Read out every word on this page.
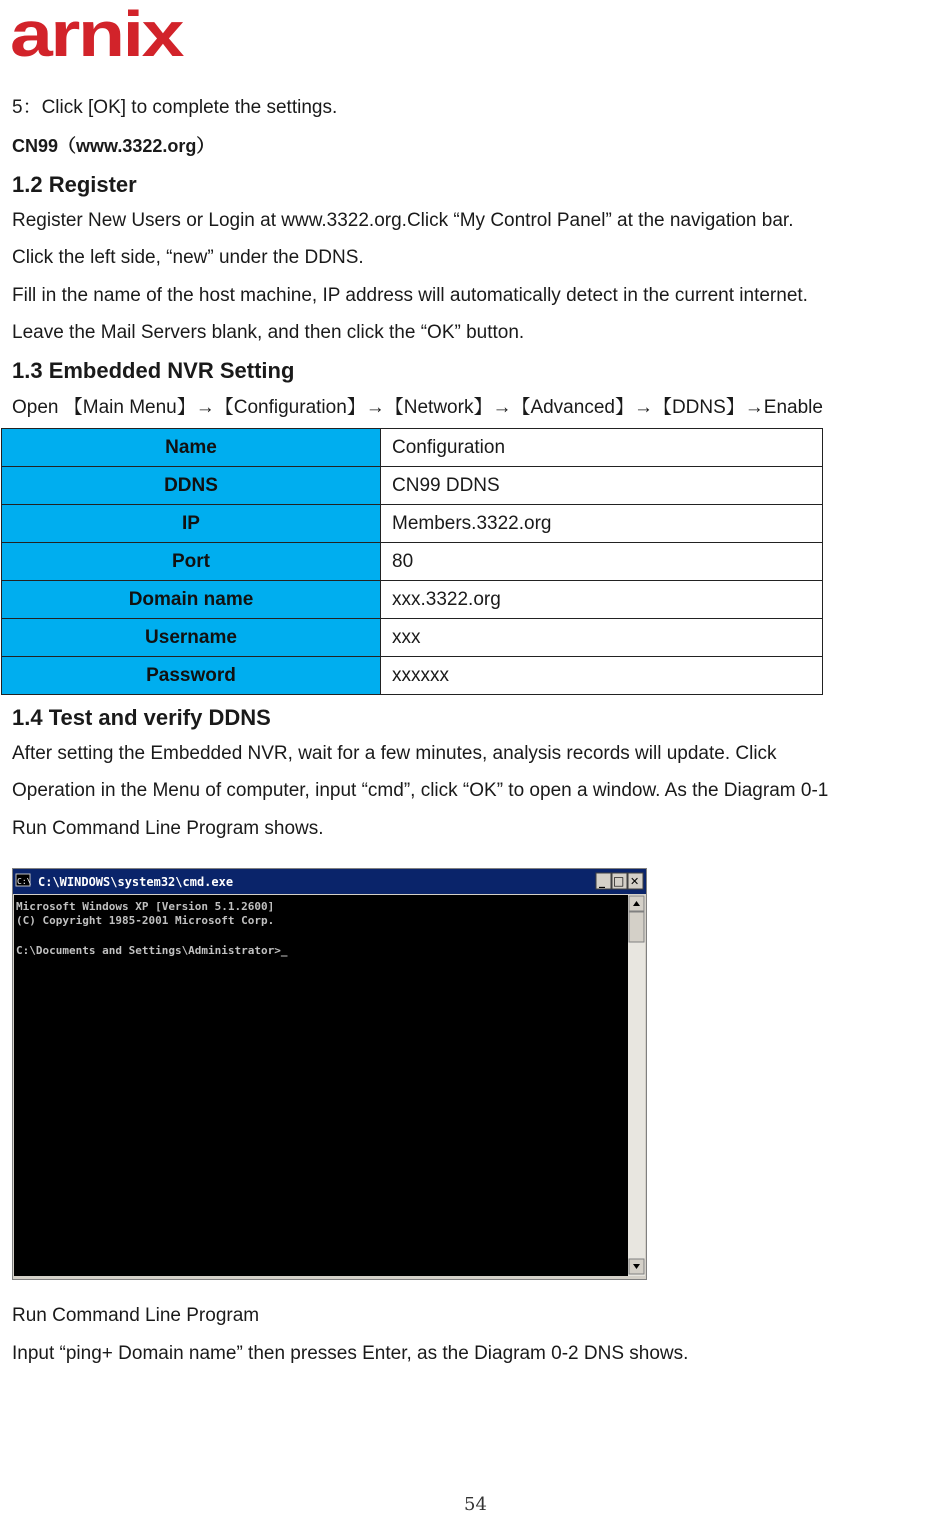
arnix
5：Click [OK] to complete the settings.
CN99（www.3322.org）
1.2 Register
Register New Users or Login at www.3322.org.Click “My Control Panel” at the navigation bar.
Click the left side, “new” under the DDNS.
Fill in the name of the host machine, IP address will automatically detect in the current internet.
Leave the Mail Servers blank, and then click the “OK” button.
1.3 Embedded NVR Setting
Open 【Main Menu】→【Configuration】→【Network】→【Advanced】→【DDNS】→Enable
Name	Configuration
DDNS	CN99 DDNS
IP	Members.3322.org
Port	80
Domain name	xxx.3322.org
Username	xxx
Password	xxxxxx
1.4 Test and verify DDNS
After setting the Embedded NVR, wait for a few minutes, analysis records will update. Click
Operation in the Menu of computer, input “cmd”, click “OK” to open a window. As the Diagram 0-1
Run Command Line Program shows.
C:\ C:\WINDOWS\system32\cmd.exe	_ □ ✕
Microsoft Windows XP [Version 5.1.2600]
(C) Copyright 1985-2001 Microsoft Corp.
C:\Documents and Settings\Administrator>_
Run Command Line Program
Input “ping+ Domain name” then presses Enter, as the Diagram 0-2 DNS shows.
54
